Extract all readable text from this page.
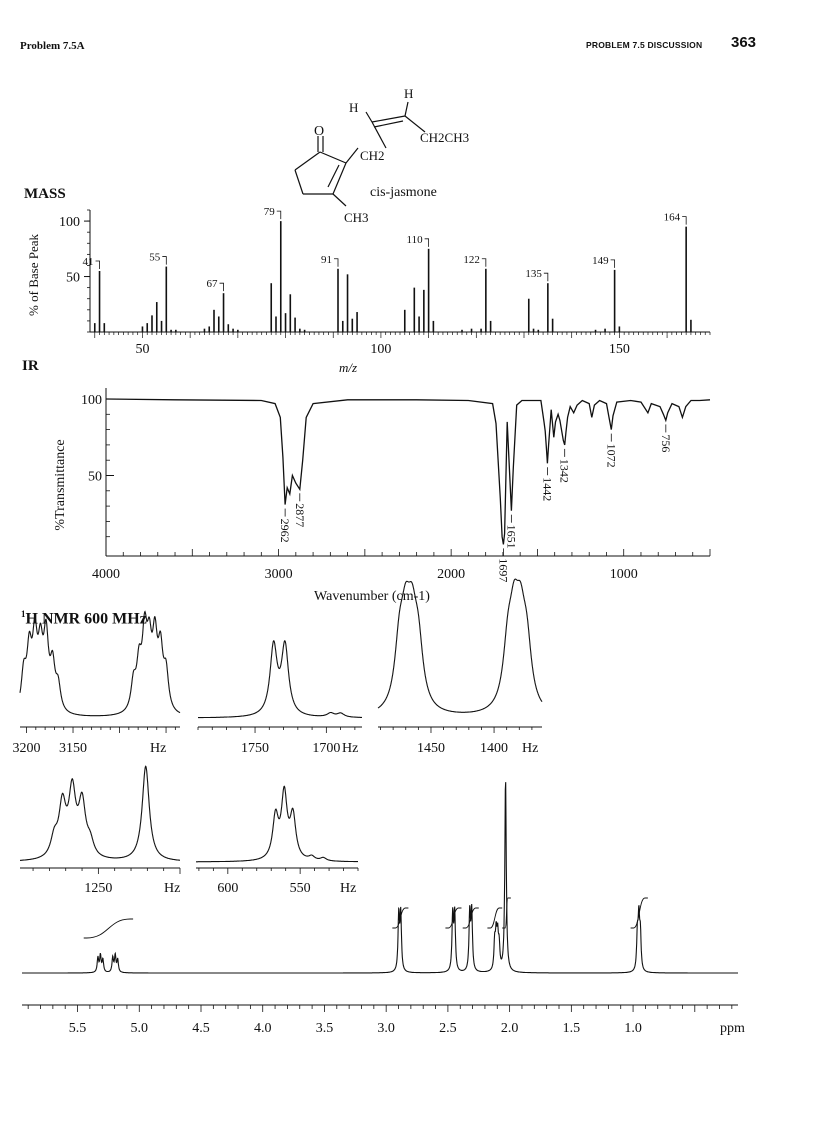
Problem 7.5A	PROBLEM 7.5 DISCUSSION 363
O
H
H
CH2
CH2CH3
CH3
cis-jasmone
MASS
IR
$^1$H NMR 600 MHz
% of Base Peak
m/z
50
100
50	100	150
41	55
67
79
91
110
122
135
149
164
%Transmittance
Wavenumber (cm-1)
50
100
4000	3000	2000	1000
2962
2877
1697
1651
1442
1342
1072
756
5.5	5.0	4.5	4.0	3.5	3.0	2.5	2.0	1.5	1.0	ppm
3200 3150	Hz	1750	1700 Hz	1450	1400 Hz
1250	Hz	600	550 Hz
